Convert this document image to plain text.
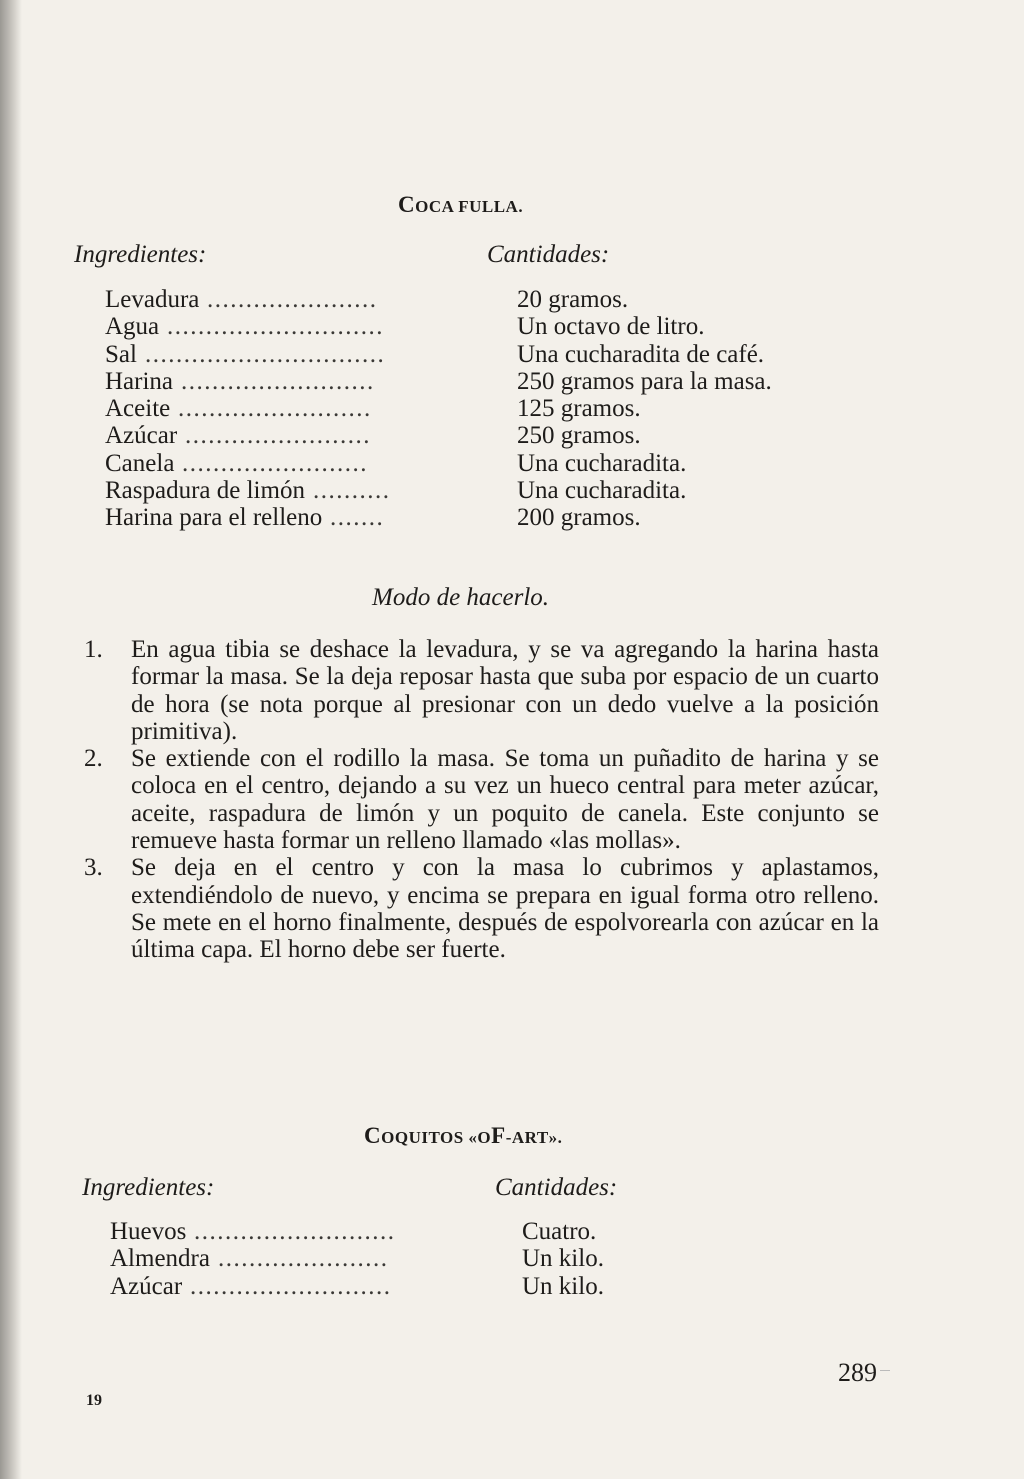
COCA FULLA.

Ingredientes:	Cantidades:

Levadura ......................	20 gramos.
Agua ............................	Un octavo de litro.
Sal ...............................	Una cucharadita de café.
Harina .........................	250 gramos para la masa.
Aceite .........................	125 gramos.
Azúcar ........................	250 gramos.
Canela ........................	Una cucharadita.
Raspadura de limón ..........	Una cucharadita.
Harina para el relleno .......	200 gramos.

Modo de hacerlo.

1. En agua tibia se deshace la levadura, y se va agregando la harina hasta formar la masa. Se la deja reposar hasta que suba por espacio de un cuarto de hora (se nota porque al presionar con un dedo vuelve a la posición primitiva).
2. Se extiende con el rodillo la masa. Se toma un puñadito de harina y se coloca en el centro, dejando a su vez un hueco central para meter azúcar, aceite, raspadura de limón y un poquito de canela. Este conjunto se remueve hasta formar un relleno llamado «las mollas».
3. Se deja en el centro y con la masa lo cubrimos y aplastamos, extendiéndolo de nuevo, y encima se prepara en igual forma otro relleno. Se mete en el horno finalmente, después de espolvorearla con azúcar en la última capa. El horno debe ser fuerte.
COQUITOS «OF-ART».

Ingredientes:	Cantidades:

Huevos ..........................	Cuatro.
Almendra ......................	Un kilo.
Azúcar ..........................	Un kilo.

19

289
